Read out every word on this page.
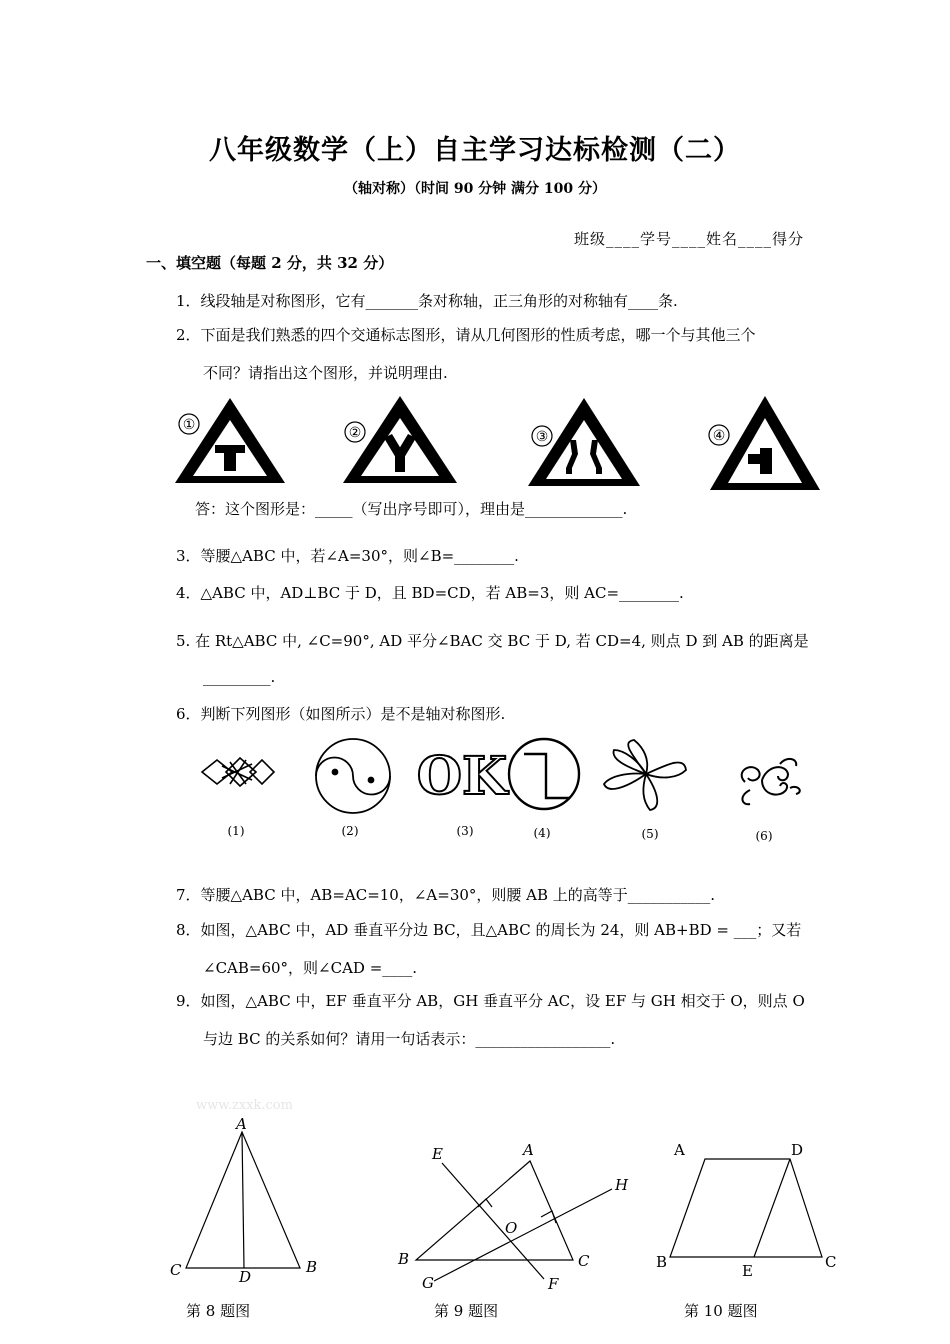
八年级数学（上）自主学习达标检测（二）
（轴对称）（时间 90 分钟 满分 100 分）
班级____学号____姓名____得分
一、填空题（每题 2 分，共 32 分）
1．线段轴是对称图形，它有_______条对称轴，正三角形的对称轴有____条.
2．下面是我们熟悉的四个交通标志图形，请从几何图形的性质考虑，哪一个与其他三个
不同？请指出这个图形，并说明理由.
①	②	③	④
答：这个图形是：_____（写出序号即可），理由是_____________.
3．等腰△ABC 中，若∠A=30°，则∠B=________.
4．△ABC 中，AD⊥BC 于 D，且 BD=CD，若 AB=3，则 AC=________.
5. 在 Rt△ABC 中, ∠C=90°, AD 平分∠BAC 交 BC 于 D, 若 CD=4, 则点 D 到 AB 的距离是
_________.
6．判断下列图形（如图所示）是不是轴对称图形.
(1)	(2)
OK
(3)	(4)	(5)	(6)
7．等腰△ABC 中，AB=AC=10，∠A=30°，则腰 AB 上的高等于___________.
8．如图，△ABC 中，AD 垂直平分边 BC，且△ABC 的周长为 24，则 AB+BD = ___；又若
∠CAB=60°，则∠CAD =____.
9．如图，△ABC 中，EF 垂直平分 AB，GH 垂直平分 AC，设 EF 与 GH 相交于 O，则点 O
与边 BC 的关系如何？请用一句话表示：__________________.
www.zxxk.com
A
C	B
D
第 8 题图
E	A
H
O
B	C
G	F
第 9 题图
A	D
B	C
E
第 10 题图
